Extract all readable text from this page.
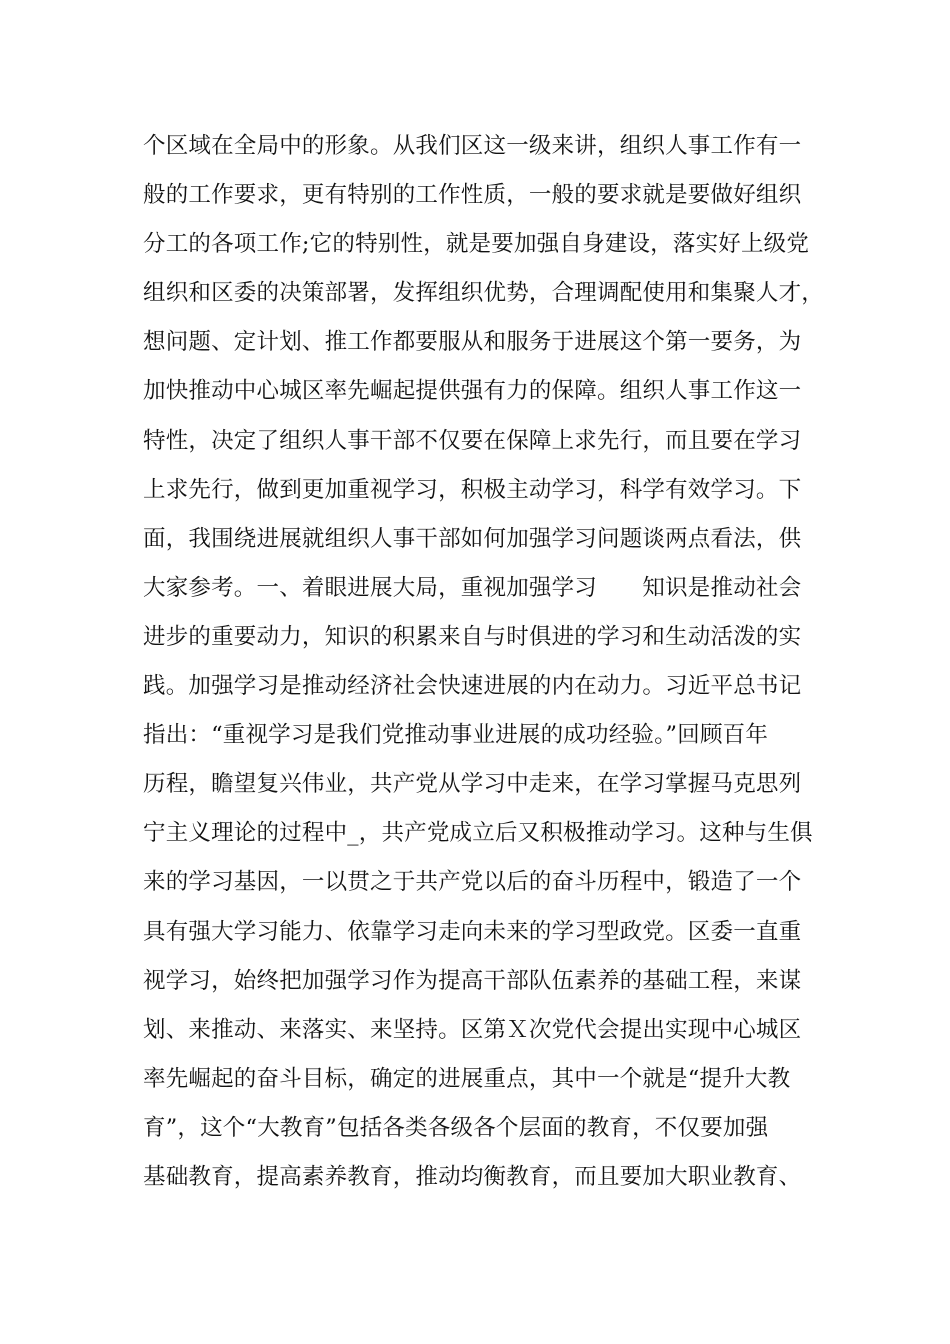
个区域在全局中的形象。从我们区这一级来讲，组织人事工作有一
般的工作要求，更有特别的工作性质，一般的要求就是要做好组织
分工的各项工作;它的特别性，就是要加强自身建设，落实好上级党
组织和区委的决策部署，发挥组织优势，合理调配使用和集聚人才，
想问题、定计划、推工作都要服从和服务于进展这个第一要务，为
加快推动中心城区率先崛起提供强有力的保障。组织人事工作这一
特性，决定了组织人事干部不仅要在保障上求先行，而且要在学习
上求先行，做到更加重视学习，积极主动学习，科学有效学习。下
面，我围绕进展就组织人事干部如何加强学习问题谈两点看法，供
大家参考。一、着眼进展大局，重视加强学习　　知识是推动社会
进步的重要动力，知识的积累来自与时俱进的学习和生动活泼的实
践。加强学习是推动经济社会快速进展的内在动力。习近平总书记
指出：“重视学习是我们党推动事业进展的成功经验。”回顾百年
历程，瞻望复兴伟业，共产党从学习中走来，在学习掌握马克思列
宁主义理论的过程中_，共产党成立后又积极推动学习。这种与生俱
来的学习基因，一以贯之于共产党以后的奋斗历程中，锻造了一个
具有强大学习能力、依靠学习走向未来的学习型政党。区委一直重
视学习，始终把加强学习作为提高干部队伍素养的基础工程，来谋
划、来推动、来落实、来坚持。区第Ｘ次党代会提出实现中心城区
率先崛起的奋斗目标，确定的进展重点，其中一个就是“提升大教
育”，这个“大教育”包括各类各级各个层面的教育，不仅要加强
基础教育，提高素养教育，推动均衡教育，而且要加大职业教育、
